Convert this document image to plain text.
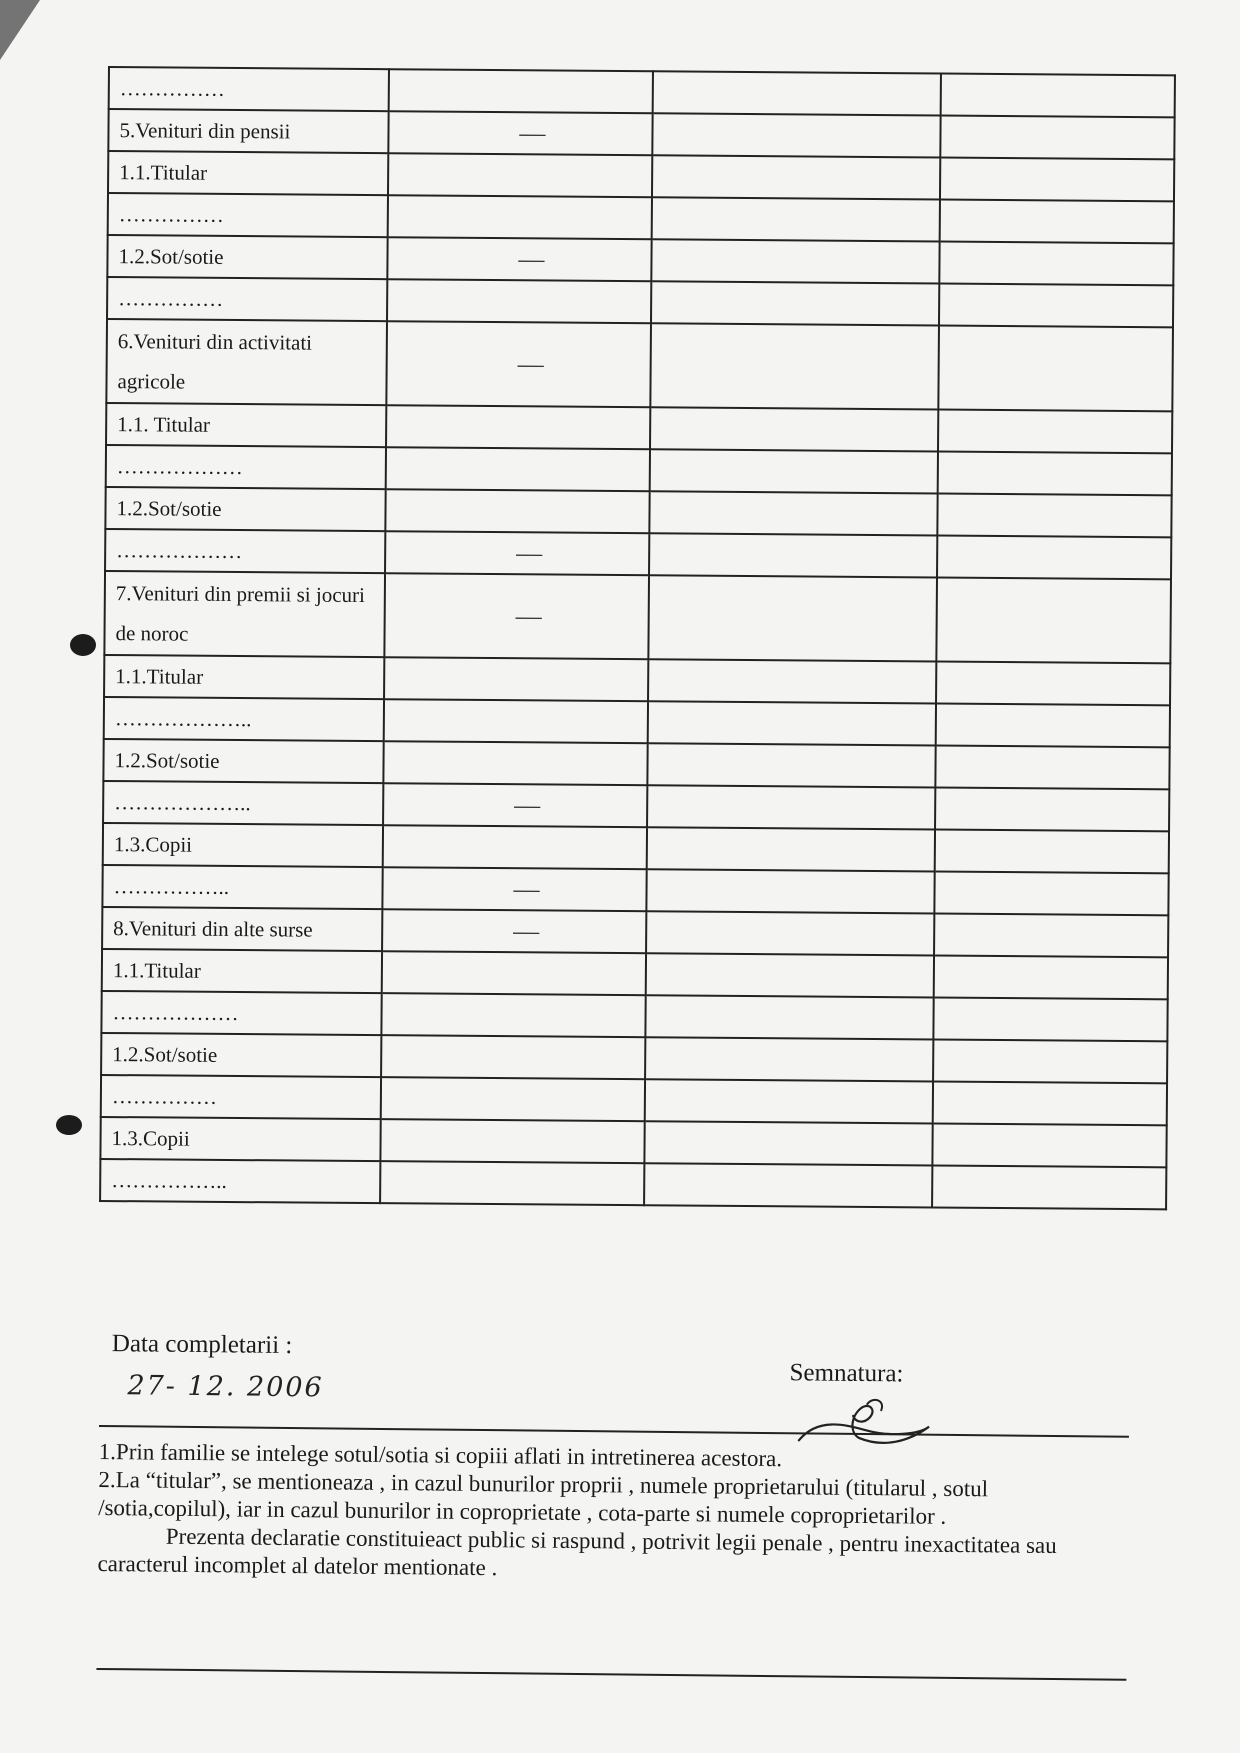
……………			
5.Venituri din pensii	—		
1.1.Titular			
……………			
1.2.Sot/sotie	—		
……………			
6.Venituri din activitati agricole	—		
1.1. Titular			
………………			
1.2.Sot/sotie			
………………	—		
7.Venituri din premii si jocuri de noroc	—		
1.1.Titular			
………………..			
1.2.Sot/sotie			
………………..	—		
1.3.Copii			
……………..	—		
8.Venituri din alte surse	—		
1.1.Titular			
………………			
1.2.Sot/sotie			
……………			
1.3.Copii			
……………..			
Data completarii :
27- 12. 2006	Semnatura:

1.Prin familie se intelege sotul/sotia si copiii aflati in intretinerea acestora.

2.La “titular”, se mentioneaza , in cazul bunurilor proprii , numele proprietarului (titularul , sotul /sotia,copilul), iar in cazul bunurilor in coproprietate , cota-parte si numele coproprietarilor .

Prezenta declaratie constituieact public si raspund , potrivit legii penale , pentru inexactitatea sau caracterul incomplet al datelor mentionate .
